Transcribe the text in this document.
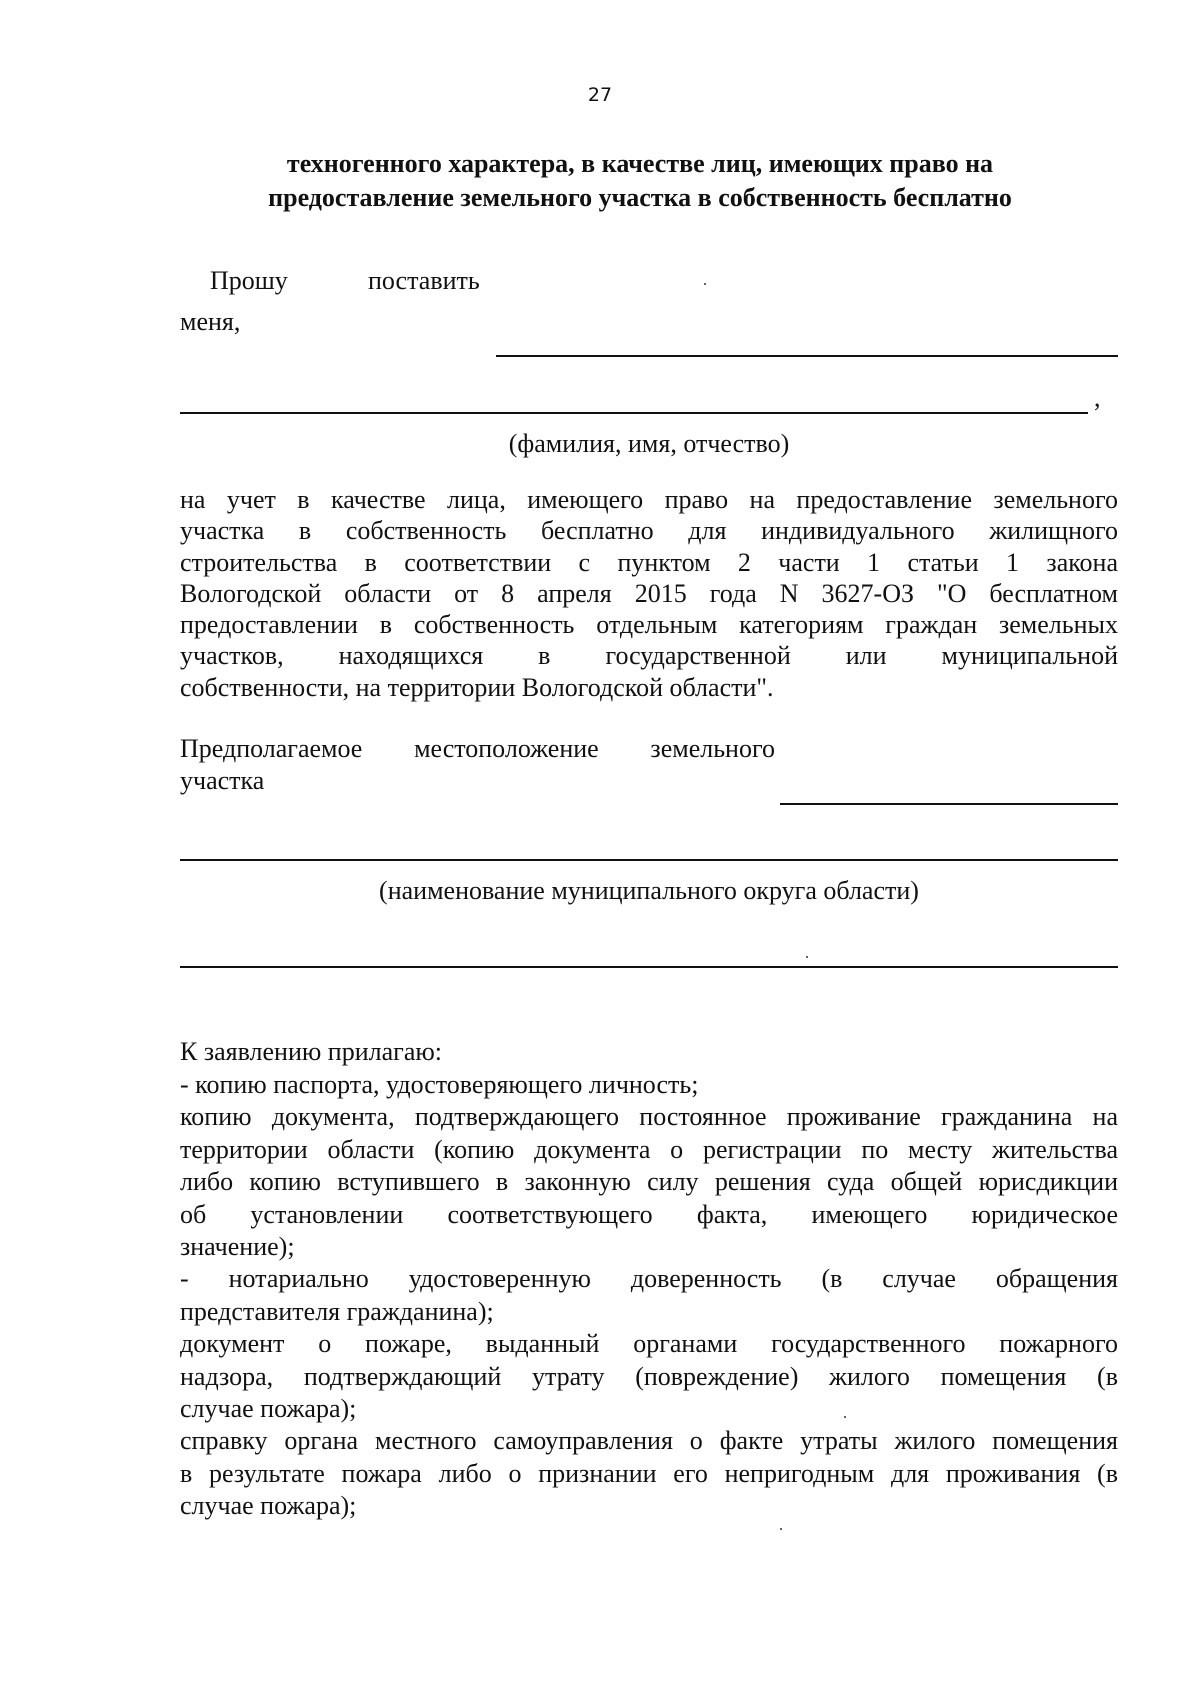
27
техногенного характера, в качестве лиц, имеющих право на
предоставление земельного участка в собственность бесплатно
Прошу	поставить
меня,
,
(фамилия, имя, отчество)
на учет в качестве лица, имеющего право на предоставление земельного
участка в собственность бесплатно для индивидуального жилищного
строительства в соответствии с пунктом 2 части 1 статьи 1 закона
Вологодской области от 8 апреля 2015 года N 3627-ОЗ "О бесплатном
предоставлении в собственность отдельным категориям граждан земельных
участков, находящихся в государственной или муниципальной
собственности, на территории Вологодской области".
Предполагаемое местоположение земельного
участка
(наименование муниципального округа области)
К заявлению прилагаю:
- копию паспорта, удостоверяющего личность;
копию документа, подтверждающего постоянное проживание гражданина на
территории области (копию документа о регистрации по месту жительства
либо копию вступившего в законную силу решения суда общей юрисдикции
об установлении соответствующего факта, имеющего юридическое
значение);
- нотариально удостоверенную доверенность (в случае обращения
представителя гражданина);
документ о пожаре, выданный органами государственного пожарного
надзора, подтверждающий утрату (повреждение) жилого помещения (в
случае пожара);
справку органа местного самоуправления о факте утраты жилого помещения
в результате пожара либо о признании его непригодным для проживания (в
случае пожара);
